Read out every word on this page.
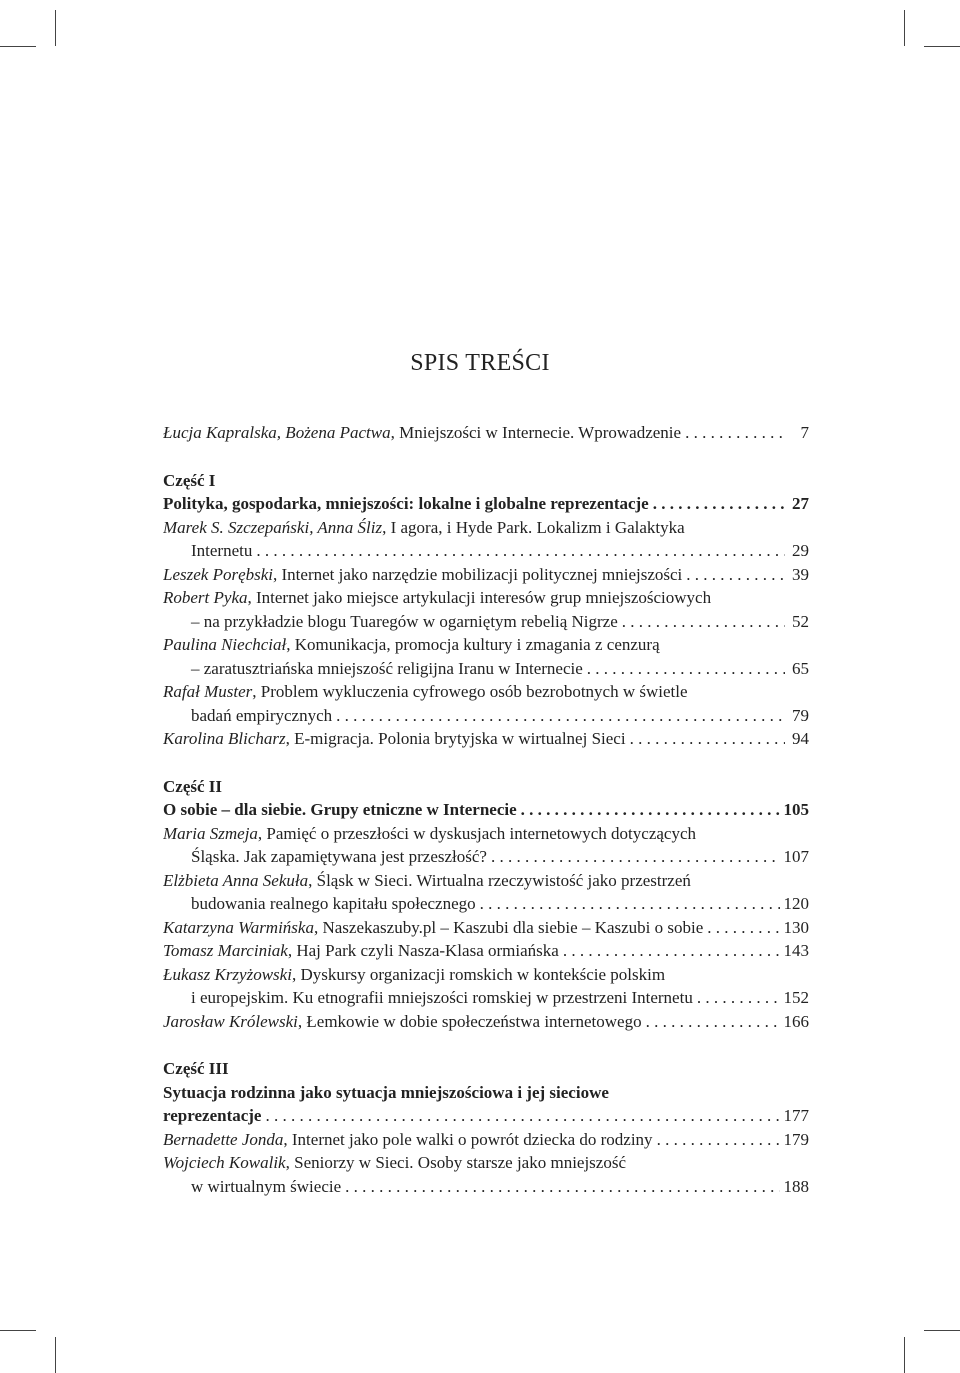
SPIS TREŚCI
Łucja Kapralska, Bożena Pactwa, Mniejszości w Internecie. Wprowadzenie . . .	7
Część I
Polityka, gospodarka, mniejszości: lokalne i globalne reprezentacje . . .	27
Marek S. Szczepański, Anna Śliz, I agora, i Hyde Park. Lokalizm i Galaktyka
Internetu . . .	29
Leszek Porębski, Internet jako narzędzie mobilizacji politycznej mniejszości . . .	39
Robert Pyka, Internet jako miejsce artykulacji interesów grup mniejszościowych
– na przykładzie blogu Tuaregów w ogarniętym rebelią Nigrze . . .	52
Paulina Niechciał, Komunikacja, promocja kultury i zmagania z cenzurą
– zaratusztriańska mniejszość religijna Iranu w Internecie . . .	65
Rafał Muster, Problem wykluczenia cyfrowego osób bezrobotnych w świetle
badań empirycznych . . .	79
Karolina Blicharz, E-migracja. Polonia brytyjska w wirtualnej Sieci . . .	94
Część II
O sobie – dla siebie. Grupy etniczne w Internecie . . .	105
Maria Szmeja, Pamięć o przeszłości w dyskusjach internetowych dotyczących
Śląska. Jak zapamiętywana jest przeszłość? . . .	107
Elżbieta Anna Sekuła, Śląsk w Sieci. Wirtualna rzeczywistość jako przestrzeń
budowania realnego kapitału społecznego . . .	120
Katarzyna Warmińska, Naszekaszuby.pl – Kaszubi dla siebie – Kaszubi o sobie . . .	130
Tomasz Marciniak, Haj Park czyli Nasza-Klasa ormiańska . . .	143
Łukasz Krzyżowski, Dyskursy organizacji romskich w kontekście polskim
i europejskim. Ku etnografii mniejszości romskiej w przestrzeni Internetu . . .	152
Jarosław Królewski, Łemkowie w dobie społeczeństwa internetowego . . .	166
Część III
Sytuacja rodzinna jako sytuacja mniejszościowa i jej sieciowe
reprezentacje . . .	177
Bernadette Jonda, Internet jako pole walki o powrót dziecka do rodziny . . .	179
Wojciech Kowalik, Seniorzy w Sieci. Osoby starsze jako mniejszość
w wirtualnym świecie . . .	188
